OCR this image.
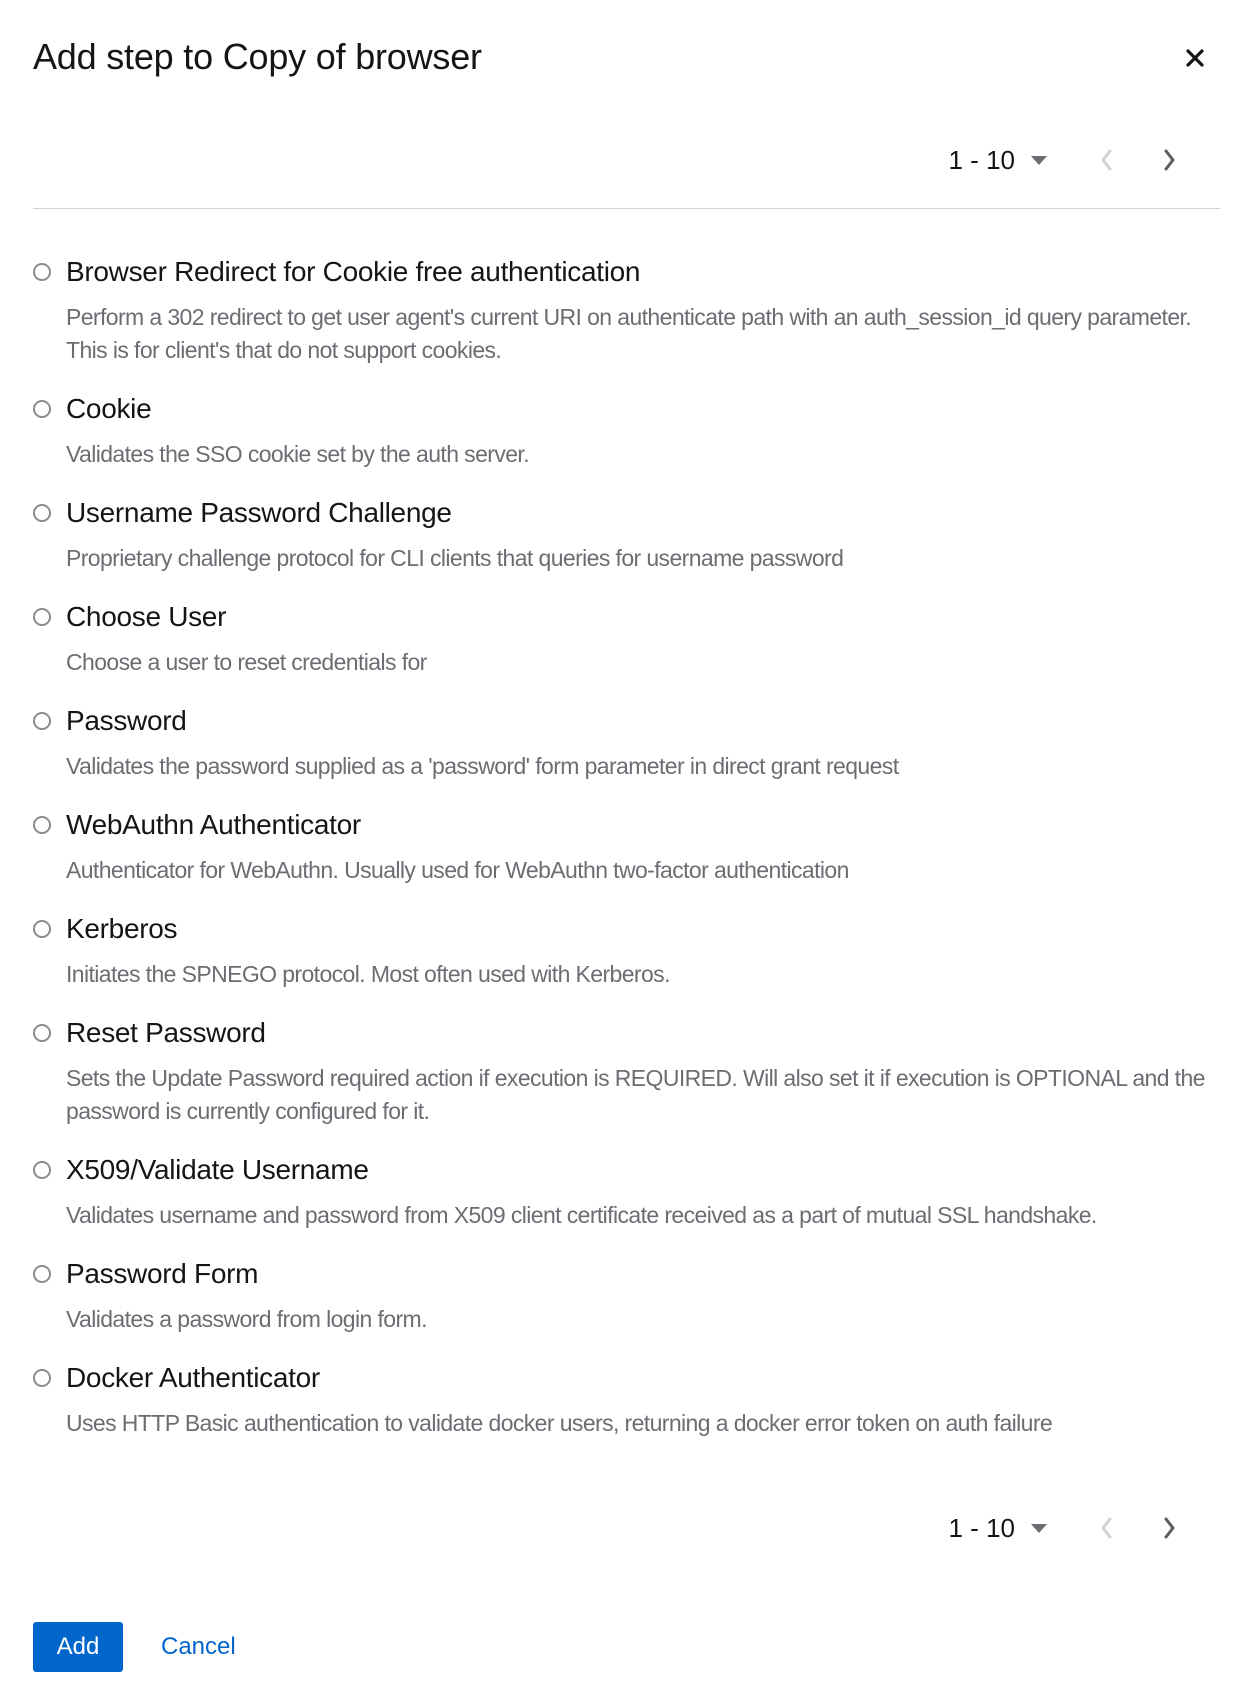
Add step to Copy of browser
1 - 10
Browser Redirect for Cookie free authentication
Perform a 302 redirect to get user agent's current URI on authenticate path with an auth_session_id query parameter. This is for client's that do not support cookies.
Cookie
Validates the SSO cookie set by the auth server.
Username Password Challenge
Proprietary challenge protocol for CLI clients that queries for username password
Choose User
Choose a user to reset credentials for
Password
Validates the password supplied as a 'password' form parameter in direct grant request
WebAuthn Authenticator
Authenticator for WebAuthn. Usually used for WebAuthn two-factor authentication
Kerberos
Initiates the SPNEGO protocol. Most often used with Kerberos.
Reset Password
Sets the Update Password required action if execution is REQUIRED. Will also set it if execution is OPTIONAL and the password is currently configured for it.
X509/Validate Username
Validates username and password from X509 client certificate received as a part of mutual SSL handshake.
Password Form
Validates a password from login form.
Docker Authenticator
Uses HTTP Basic authentication to validate docker users, returning a docker error token on auth failure
1 - 10
Add	Cancel
